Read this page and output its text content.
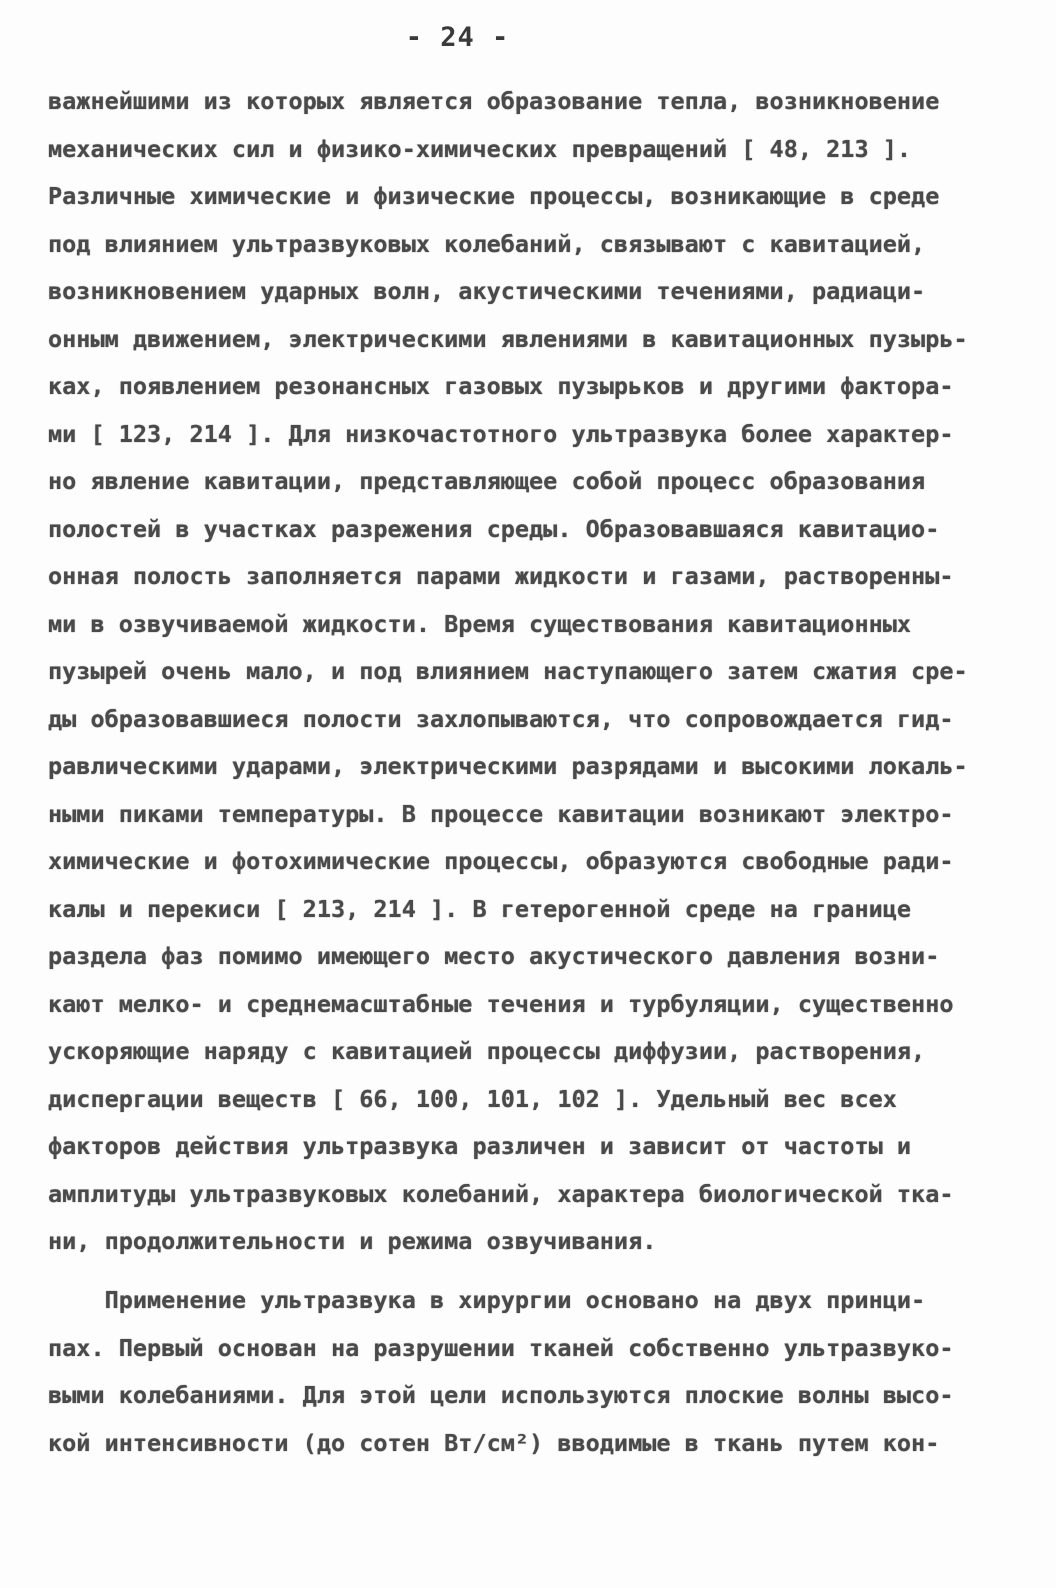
- 24 -
важнейшими из которых является образование тепла, возникновение
механических сил и физико-химических превращений [ 48, 213 ].
Различные химические и физические процессы, возникающие в среде
под влиянием ультразвуковых колебаний, связывают с кавитацией,
возникновением ударных волн, акустическими течениями, радиаци-
онным движением, электрическими явлениями в кавитационных пузырь-
ках, появлением резонансных газовых пузырьков и другими фактора-
ми [ 123, 214 ]. Для низкочастотного ультразвука более характер-
но явление кавитации, представляющее собой процесс образования
полостей в участках разрежения среды. Образовавшаяся кавитацио-
онная полость заполняется парами жидкости и газами, растворенны-
ми в озвучиваемой жидкости. Время существования кавитационных
пузырей очень мало, и под влиянием наступающего затем сжатия сре-
ды образовавшиеся полости захлопываются, что сопровождается гид-
равлическими ударами, электрическими разрядами и высокими локаль-
ными пиками температуры. В процессе кавитации возникают электро-
химические и фотохимические процессы, образуются свободные ради-
калы и перекиси [ 213, 214 ]. В гетерогенной среде на границе
раздела фаз помимо имеющего место акустического давления возни-
кают мелко- и среднемасштабные течения и турбуляции, существенно
ускоряющие наряду с кавитацией процессы диффузии, растворения,
диспергации веществ [ 66, 100, 101, 102 ]. Удельный вес всех
факторов действия ультразвука различен и зависит от частоты и
амплитуды ультразвуковых колебаний, характера биологической тка-
ни, продолжительности и режима озвучивания.
Применение ультразвука в хирургии основано на двух принци-
пах. Первый основан на разрушении тканей собственно ультразвуко-
выми колебаниями. Для этой цели используются плоские волны высо-
кой интенсивности (до сотен Вт/см²) вводимые в ткань путем кон-
